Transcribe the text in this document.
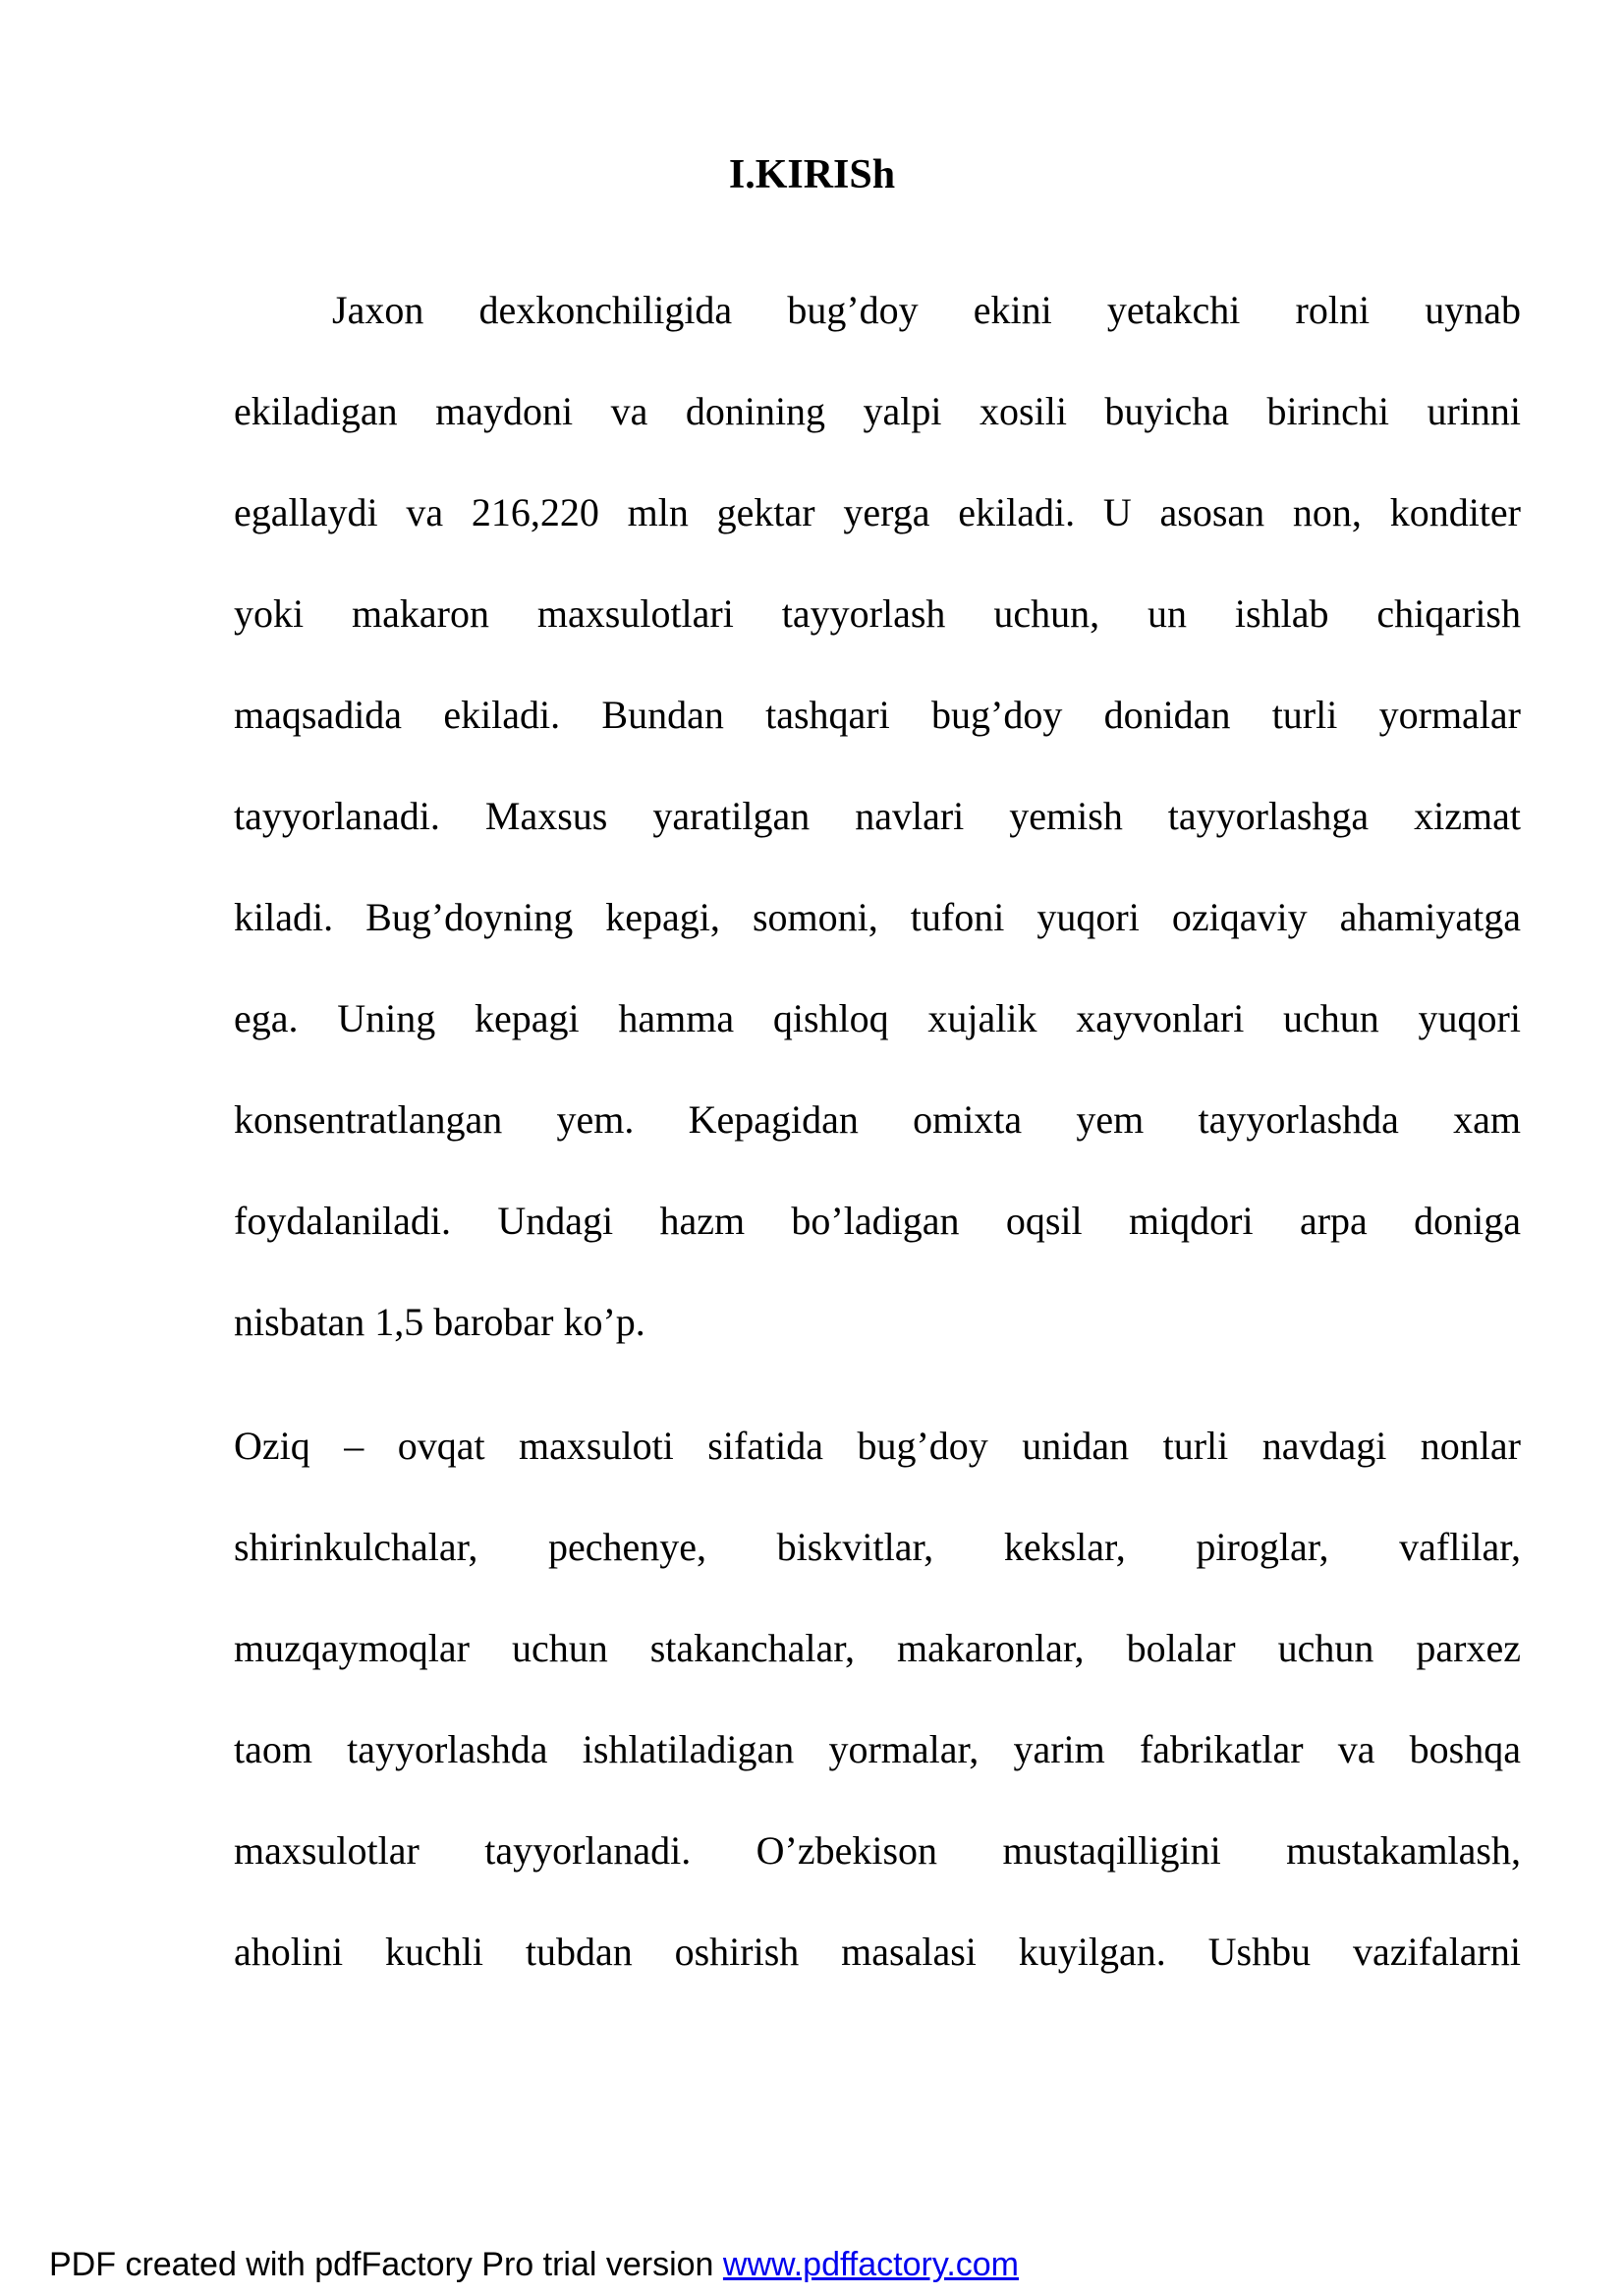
I.KIRISh
Jaxon dexkonchiligida bug’doy ekini yetakchi rolni uynab
ekiladigan maydoni va donining yalpi xosili buyicha birinchi urinni
egallaydi va 216,220 mln gektar yerga ekiladi. U asosan non, konditer
yoki makaron maxsulotlari tayyorlash uchun, un ishlab chiqarish
maqsadida ekiladi. Bundan tashqari bug’doy donidan turli yormalar
tayyorlanadi. Maxsus yaratilgan navlari yemish tayyorlashga xizmat
kiladi. Bug’doyning kepagi, somoni, tufoni yuqori oziqaviy ahamiyatga
ega. Uning kepagi hamma qishloq xujalik xayvonlari uchun yuqori
konsentratlangan yem. Kepagidan omixta yem tayyorlashda xam
foydalaniladi. Undagi hazm bo’ladigan oqsil miqdori arpa doniga
nisbatan 1,5 barobar ko’p.
Oziq – ovqat maxsuloti sifatida bug’doy unidan turli navdagi nonlar
shirinkulchalar, pechenye, biskvitlar, kekslar, piroglar, vaflilar,
muzqaymoqlar uchun stakanchalar, makaronlar, bolalar uchun parxez
taom tayyorlashda ishlatiladigan yormalar, yarim fabrikatlar va boshqa
maxsulotlar tayyorlanadi. O’zbekison mustaqilligini mustakamlash,
aholini kuchli tubdan oshirish masalasi kuyilgan. Ushbu vazifalarni
PDF created with pdfFactory Pro trial version www.pdffactory.com
